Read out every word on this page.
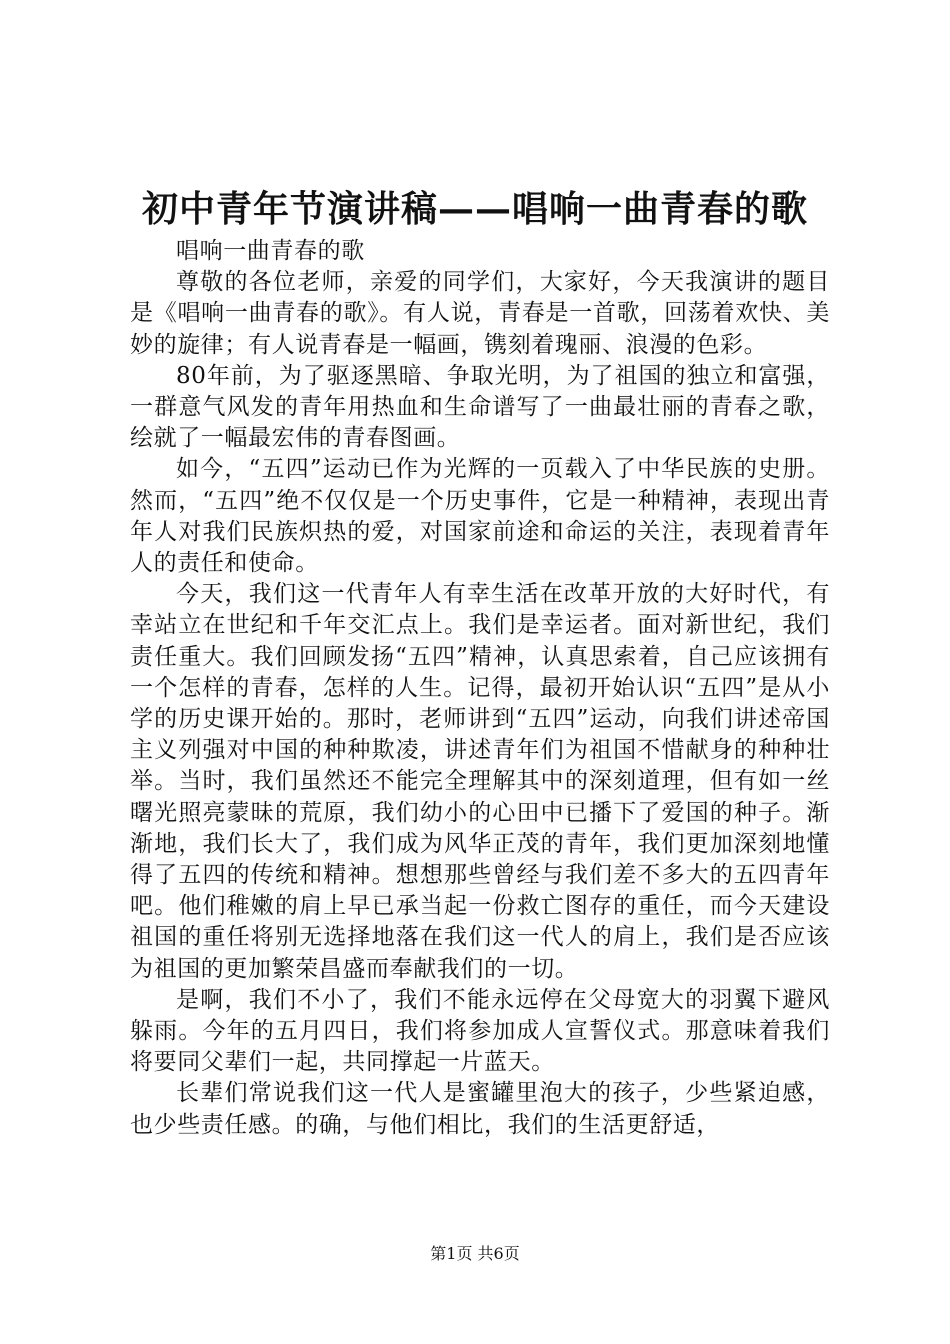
初中青年节演讲稿——唱响一曲青春的歌

唱响一曲青春的歌

尊敬的各位老师，亲爱的同学们，大家好，今天我演讲的题目是《唱响一曲青春的歌》。有人说，青春是一首歌，回荡着欢快、美妙的旋律；有人说青春是一幅画，镌刻着瑰丽、浪漫的色彩。

80年前，为了驱逐黑暗、争取光明，为了祖国的独立和富强，一群意气风发的青年用热血和生命谱写了一曲最壮丽的青春之歌，绘就了一幅最宏伟的青春图画。

如今，“五四”运动已作为光辉的一页载入了中华民族的史册。然而，“五四”绝不仅仅是一个历史事件，它是一种精神，表现出青年人对我们民族炽热的爱，对国家前途和命运的关注，表现着青年人的责任和使命。

今天，我们这一代青年人有幸生活在改革开放的大好时代，有幸站立在世纪和千年交汇点上。我们是幸运者。面对新世纪，我们责任重大。我们回顾发扬“五四”精神，认真思索着，自己应该拥有一个怎样的青春，怎样的人生。记得，最初开始认识“五四”是从小学的历史课开始的。那时，老师讲到“五四”运动，向我们讲述帝国主义列强对中国的种种欺凌，讲述青年们为祖国不惜献身的种种壮举。当时，我们虽然还不能完全理解其中的深刻道理，但有如一丝曙光照亮蒙昧的荒原，我们幼小的心田中已播下了爱国的种子。渐渐地，我们长大了，我们成为风华正茂的青年，我们更加深刻地懂得了五四的传统和精神。想想那些曾经与我们差不多大的五四青年吧。他们稚嫩的肩上早已承当起一份救亡图存的重任，而今天建设祖国的重任将别无选择地落在我们这一代人的肩上，我们是否应该为祖国的更加繁荣昌盛而奉献我们的一切。

是啊，我们不小了，我们不能永远停在父母宽大的羽翼下避风躲雨。今年的五月四日，我们将参加成人宣誓仪式。那意味着我们将要同父辈们一起，共同撑起一片蓝天。

长辈们常说我们这一代人是蜜罐里泡大的孩子，少些紧迫感，也少些责任感。的确，与他们相比，我们的生活更舒适，

第1页 共6页
